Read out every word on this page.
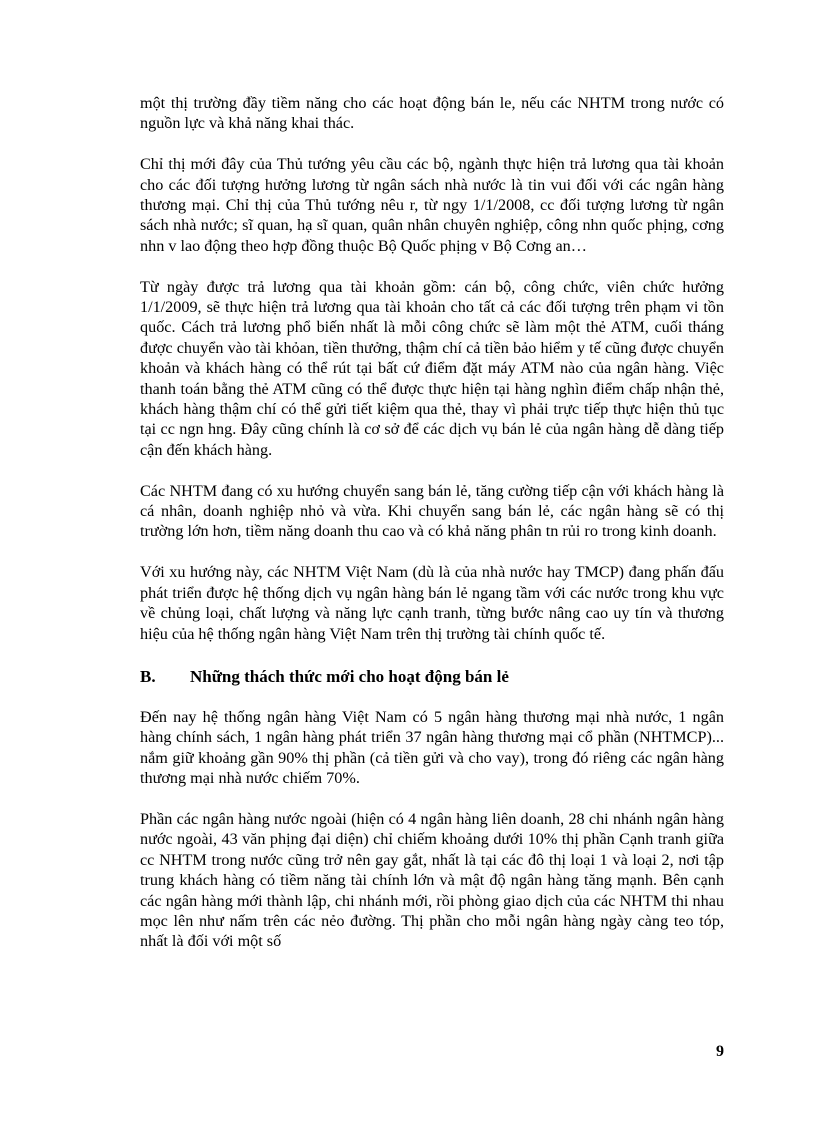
một thị trường đầy tiềm năng cho các hoạt động bán le, nếu các NHTM trong nước có nguồn lực và khả năng khai thác.

Chỉ thị mới đây của Thủ tướng yêu cầu các bộ, ngành thực hiện trả lương qua tài khoản cho các đối tượng hưởng lương từ ngân sách nhà nước là tin vui đối với các ngân hàng thương mại. Chỉ thị của Thủ tướng nêu r, từ ngy 1/1/2008, cc đối tượng lương từ ngân sách nhà nước; sĩ quan, hạ sĩ quan, quân nhân chuyên nghiệp, công nhn quốc phịng, cơng nhn v lao động theo hợp đồng thuộc Bộ Quốc phịng v Bộ Cơng an…

Từ ngày được trả lương qua tài khoản gồm: cán bộ, công chức, viên chức hưởng 1/1/2009, sẽ thực hiện trả lương qua tài khoản cho tất cả các đối tượng trên phạm vi tồn quốc. Cách trả lương phổ biến nhất là mỗi công chức sẽ làm một thẻ ATM, cuối tháng được chuyển vào tài khỏan, tiền thưởng, thậm chí cả tiền bảo hiểm y tế cũng được chuyển khoản và khách hàng có thể rút tại bất cứ điểm đặt máy ATM nào của ngân hàng. Việc thanh toán bằng thẻ ATM cũng có thể được thực hiện tại hàng nghìn điểm chấp nhận thẻ, khách hàng thậm chí có thể gửi tiết kiệm qua thẻ, thay vì phải trực tiếp thực hiện thủ tục tại cc ngn hng. Đây cũng chính là cơ sở để các dịch vụ bán lẻ của ngân hàng dễ dàng tiếp cận đến khách hàng.

Các NHTM đang có xu hướng chuyển sang bán lẻ, tăng cường tiếp cận với khách hàng là cá nhân, doanh nghiệp nhỏ và vừa. Khi chuyển sang bán lẻ, các ngân hàng sẽ có thị trường lớn hơn, tiềm năng doanh thu cao và có khả năng phân tn rủi ro trong kinh doanh.

Với xu hướng này, các NHTM Việt Nam (dù là của nhà nước hay TMCP) đang phấn đấu phát triển được hệ thống dịch vụ ngân hàng bán lẻ ngang tầm với các nước trong khu vực về chủng loại, chất lượng và năng lực cạnh tranh, từng bước nâng cao uy tín và thương hiệu của hệ thống ngân hàng Việt Nam trên thị trường tài chính quốc tế.

B.	Những thách thức mới cho hoạt động bán lẻ

Đến nay hệ thống ngân hàng Việt Nam có 5 ngân hàng thương mại nhà nước, 1 ngân hàng chính sách, 1 ngân hàng phát triển 37 ngân hàng thương mại cổ phần (NHTMCP)... nắm giữ khoảng gần 90% thị phần (cả tiền gửi và cho vay), trong đó riêng các ngân hàng thương mại nhà nước chiếm 70%.

Phần các ngân hàng nước ngoài (hiện có 4 ngân hàng liên doanh, 28 chi nhánh ngân hàng nước ngoài, 43 văn phịng đại diện) chỉ chiếm khoảng dưới 10% thị phần Cạnh tranh giữa cc NHTM trong nước cũng trở nên gay gắt, nhất là tại các đô thị loại 1 và loại 2, nơi tập trung khách hàng có tiềm năng tài chính lớn và mật độ ngân hàng tăng mạnh. Bên cạnh các ngân hàng mới thành lập, chi nhánh mới, rồi phòng giao dịch của các NHTM thi nhau mọc lên như nấm trên các nẻo đường. Thị phần cho mỗi ngân hàng ngày càng teo tóp, nhất là đối với một số

9
